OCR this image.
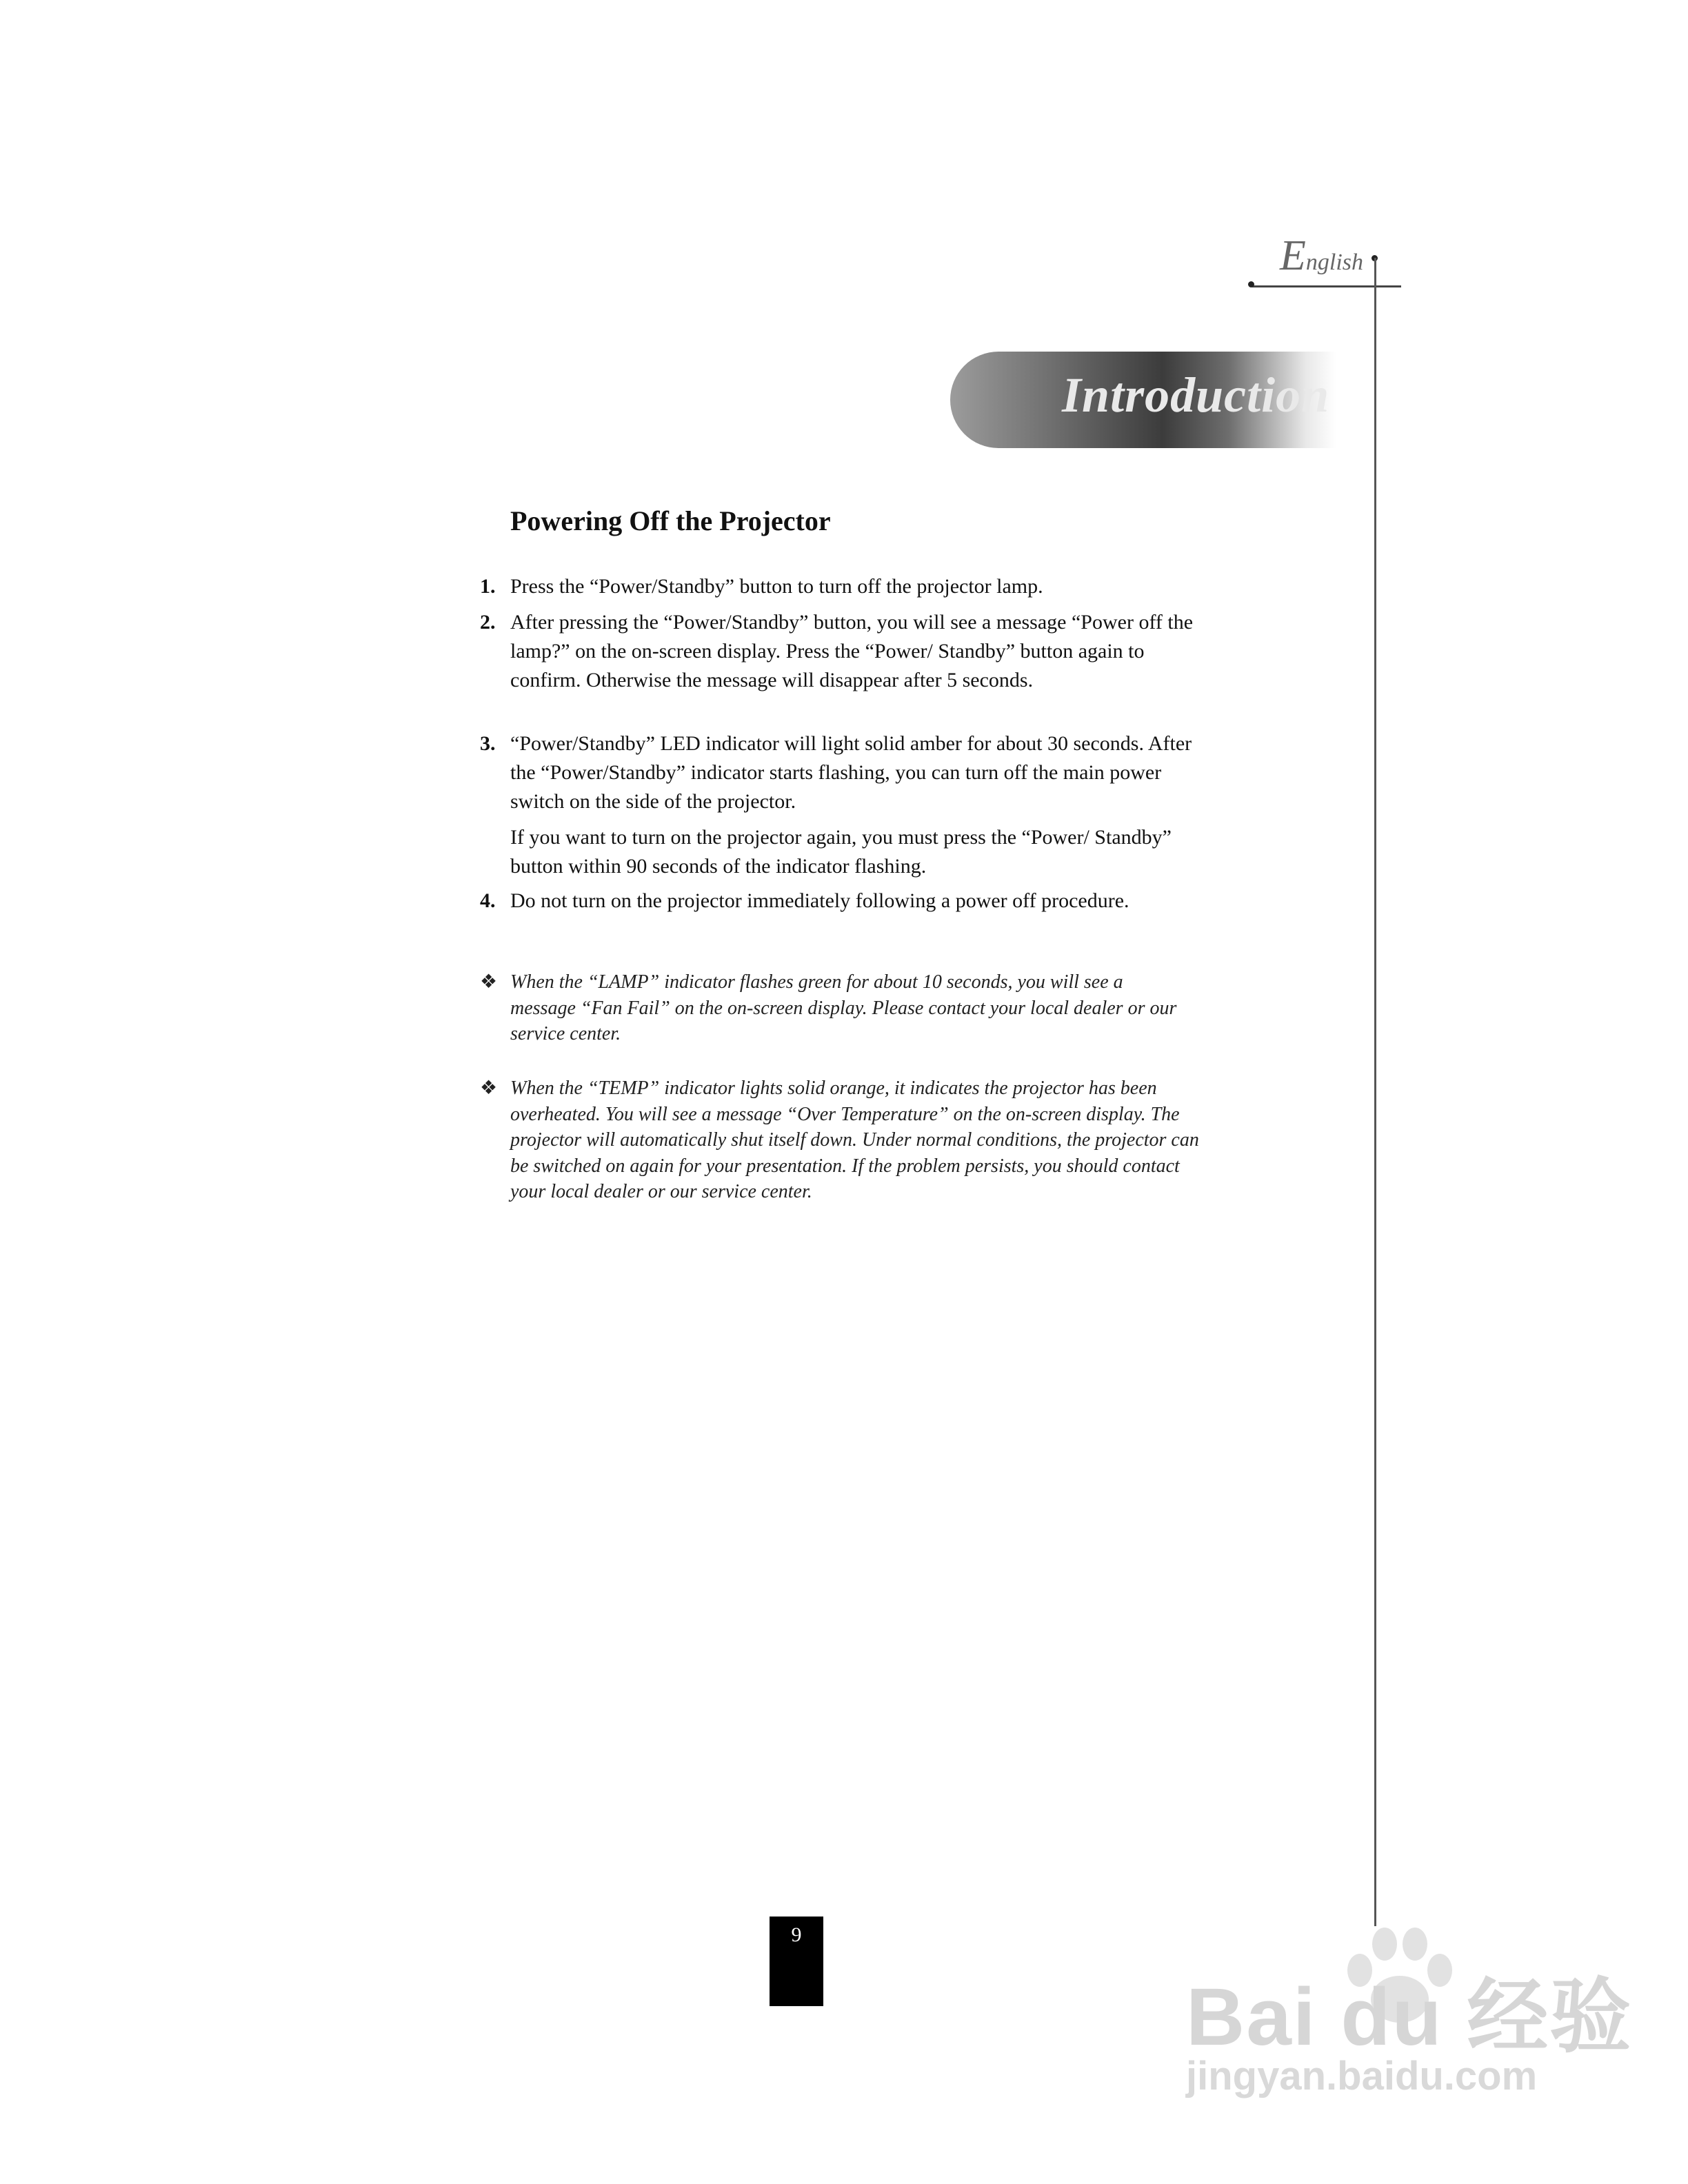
English
Introduction
Powering Off the Projector
1. Press the “Power/Standby” button to turn off the projector lamp.
2. After pressing the “Power/Standby” button, you will see a message “Power off the lamp?” on the on-screen display. Press the “Power/ Standby” button again to confirm. Otherwise the message will disappear after 5 seconds.
3. “Power/Standby” LED indicator will light solid amber for about 30 seconds. After the “Power/Standby” indicator starts flashing, you can turn off the main power switch on the side of the projector.
If you want to turn on the projector again, you must press the “Power/ Standby” button within 90 seconds of the indicator flashing.
4. Do not turn on the projector immediately following a power off procedure.
❖ When the “LAMP” indicator flashes green for about 10 seconds, you will see a message “Fan Fail” on the on-screen display. Please contact your local dealer or our service center.
❖ When the “TEMP” indicator lights solid orange, it indicates the projector has been overheated. You will see a message “Over Temperature” on the on-screen display. The projector will automatically shut itself down. Under normal conditions, the projector can be switched on again for your presentation. If the problem persists, you should contact your local dealer or our service center.
9
Bai du 经验
jingyan.baidu.com
